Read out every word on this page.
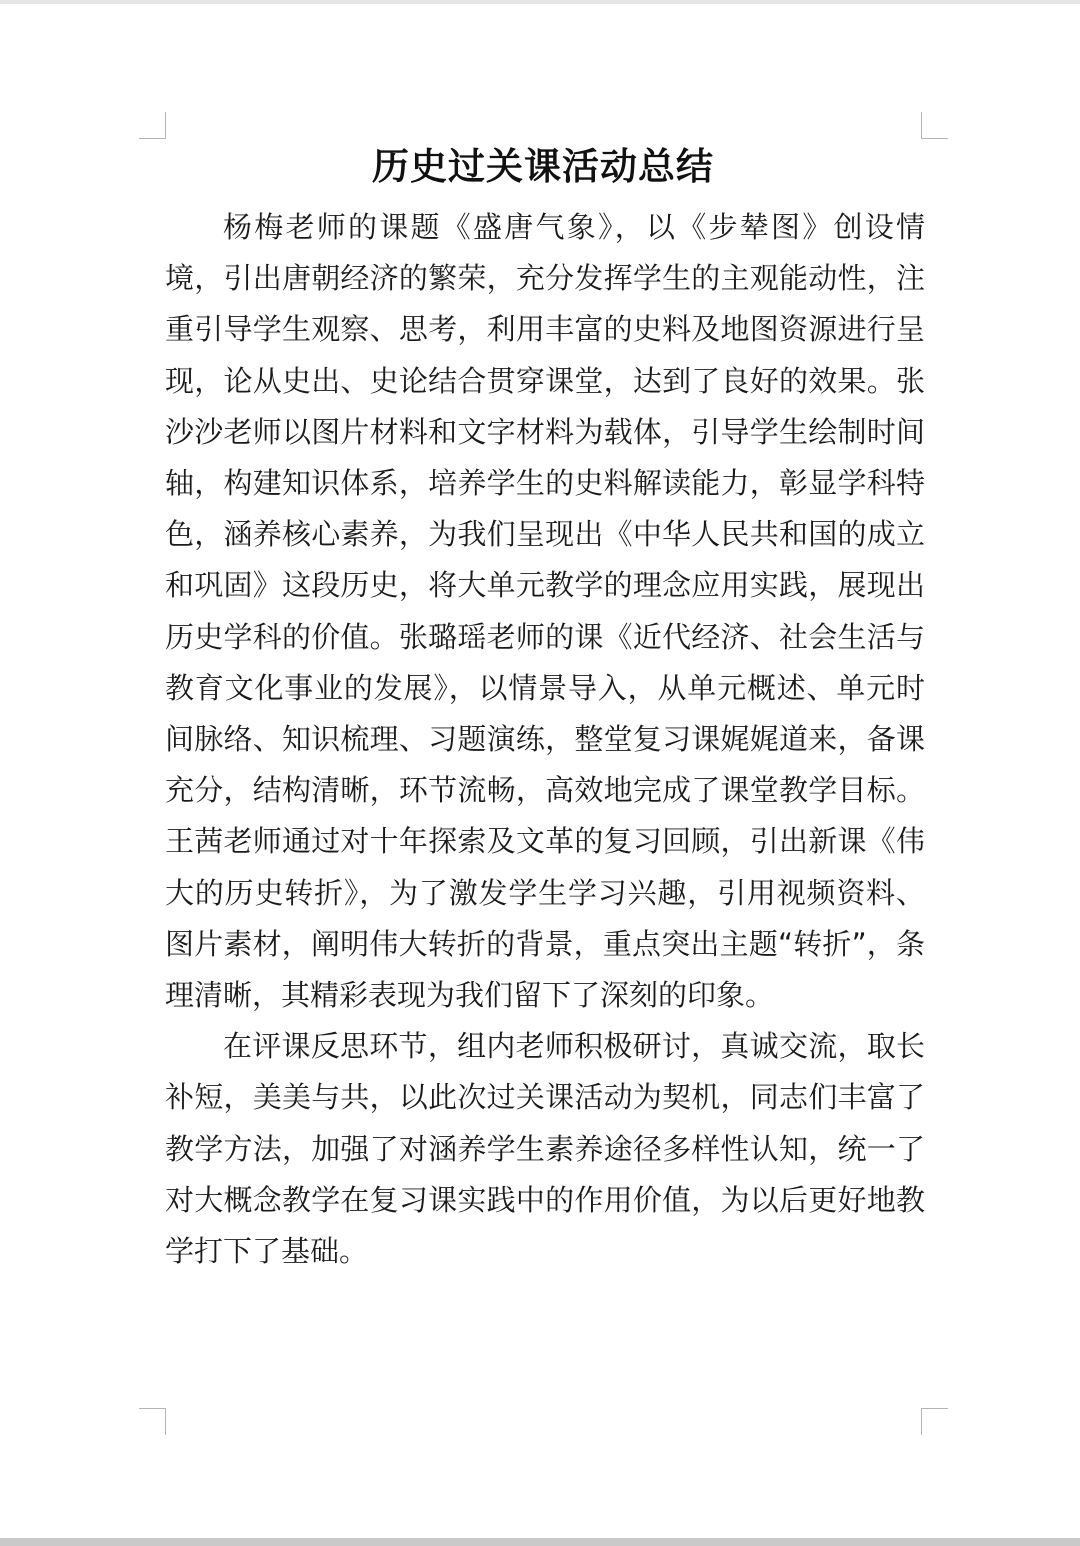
历史过关课活动总结

杨梅老师的课题《盛唐气象》，以《步辇图》创设情境，引出唐朝经济的繁荣，充分发挥学生的主观能动性，注重引导学生观察、思考，利用丰富的史料及地图资源进行呈现，论从史出、史论结合贯穿课堂，达到了良好的效果。张沙沙老师以图片材料和文字材料为载体，引导学生绘制时间轴，构建知识体系，培养学生的史料解读能力，彰显学科特色，涵养核心素养，为我们呈现出《中华人民共和国的成立和巩固》这段历史，将大单元教学的理念应用实践，展现出历史学科的价值。张璐瑶老师的课《近代经济、社会生活与教育文化事业的发展》，以情景导入，从单元概述、单元时间脉络、知识梳理、习题演练，整堂复习课娓娓道来，备课充分，结构清晰，环节流畅，高效地完成了课堂教学目标。王茜老师通过对十年探索及文革的复习回顾，引出新课《伟大的历史转折》，为了激发学生学习兴趣，引用视频资料、图片素材，阐明伟大转折的背景，重点突出主题“转折”，条理清晰，其精彩表现为我们留下了深刻的印象。

在评课反思环节，组内老师积极研讨，真诚交流，取长补短，美美与共，以此次过关课活动为契机，同志们丰富了教学方法，加强了对涵养学生素养途径多样性认知，统一了对大概念教学在复习课实践中的作用价值，为以后更好地教学打下了基础。
